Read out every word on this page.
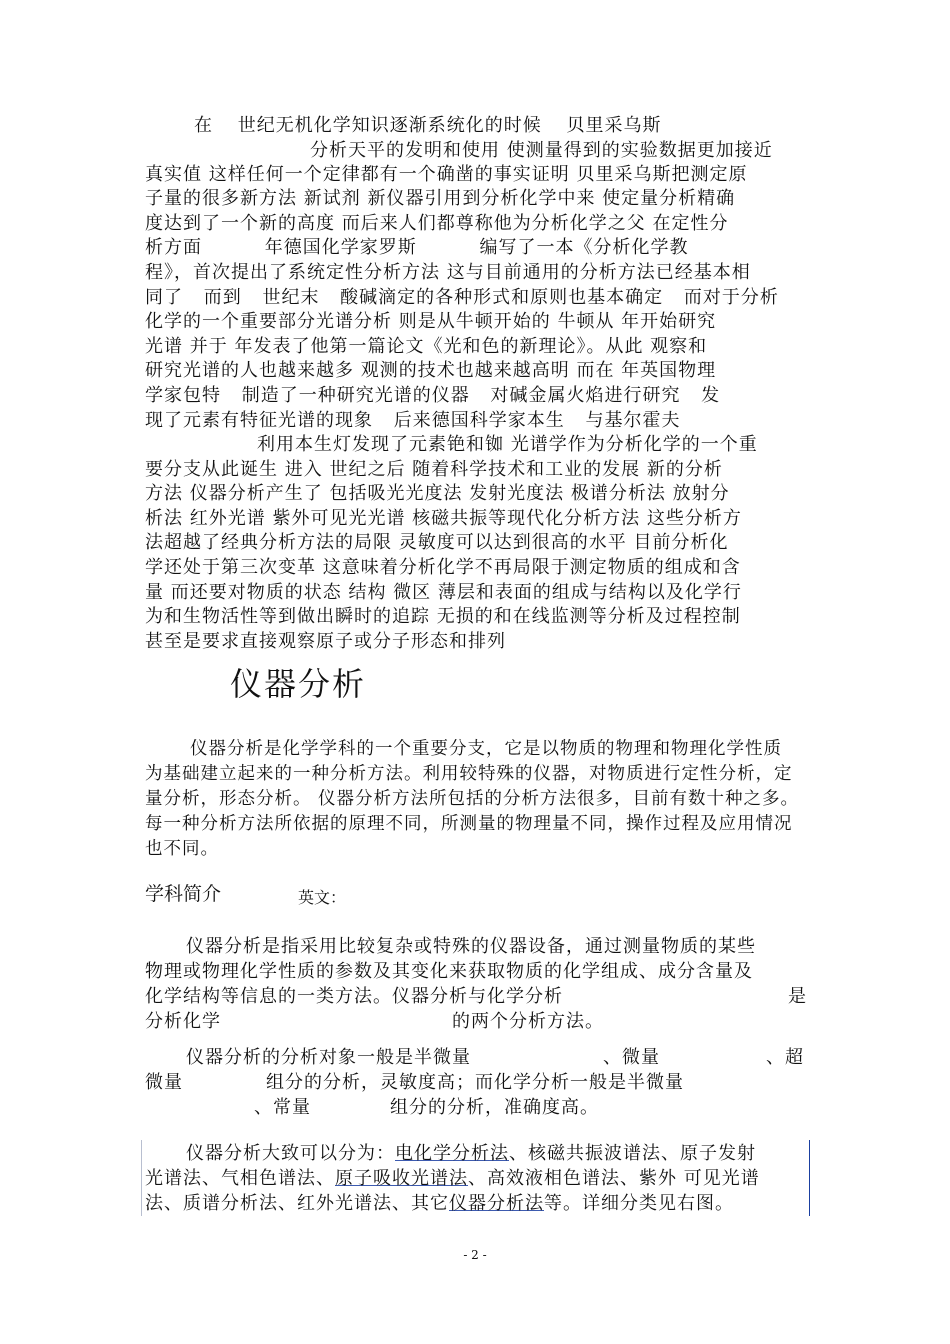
在 世纪无机化学知识逐渐系统化的时候 贝里采乌斯
分析天平的发明和使用 使测量得到的实验数据更加接近
真实值 这样任何一个定律都有一个确凿的事实证明 贝里采乌斯把测定原
子量的很多新方法 新试剂 新仪器引用到分析化学中来 使定量分析精确
度达到了一个新的高度 而后来人们都尊称他为分析化学之父 在定性分
析方面 年德国化学家罗斯 编写了一本《分析化学教
程》，首次提出了系统定性分析方法 这与目前通用的分析方法已经基本相
同了 而到 世纪末 酸碱滴定的各种形式和原则也基本确定 而对于分析
化学的一个重要部分光谱分析 则是从牛顿开始的 牛顿从 年开始研究
光谱 并于 年发表了他第一篇论文《光和色的新理论》。从此 观察和
研究光谱的人也越来越多 观测的技术也越来越高明 而在 年英国物理
学家包特 制造了一种研究光谱的仪器 对碱金属火焰进行研究 发
现了元素有特征光谱的现象 后来德国科学家本生 与基尔霍夫
利用本生灯发现了元素铯和铷 光谱学作为分析化学的一个重
要分支从此诞生 进入 世纪之后 随着科学技术和工业的发展 新的分析
方法 仪器分析产生了 包括吸光光度法 发射光度法 极谱分析法 放射分
析法 红外光谱 紫外可见光光谱 核磁共振等现代化分析方法 这些分析方
法超越了经典分析方法的局限 灵敏度可以达到很高的水平 目前分析化
学还处于第三次变革 这意味着分析化学不再局限于测定物质的组成和含
量 而还要对物质的状态 结构 微区 薄层和表面的组成与结构以及化学行
为和生物活性等到做出瞬时的追踪 无损的和在线监测等分析及过程控制
甚至是要求直接观察原子或分子形态和排列
仪器分析
仪器分析是化学学科的一个重要分支，它是以物质的物理和物理化学性质
为基础建立起来的一种分析方法。利用较特殊的仪器，对物质进行定性分析，定
量分析，形态分析。 仪器分析方法所包括的分析方法很多，目前有数十种之多。
每一种分析方法所依据的原理不同，所测量的物理量不同，操作过程及应用情况
也不同。
学科简介	英文：
仪器分析是指采用比较复杂或特殊的仪器设备，通过测量物质的某些
物理或物理化学性质的参数及其变化来获取物质的化学组成、成分含量及
化学结构等信息的一类方法。仪器分析与化学分析	是
分析化学	的两个分析方法。
仪器分析的分析对象一般是半微量	、微量	、超
微量	组分的分析，灵敏度高；而化学分析一般是半微量
、常量	组分的分析，准确度高。
仪器分析大致可以分为：电化学分析法、核磁共振波谱法、原子发射
光谱法、气相色谱法、原子吸收光谱法、高效液相色谱法、紫外 可见光谱
法、质谱分析法、红外光谱法、其它仪器分析法等。详细分类见右图。
- 2 -
